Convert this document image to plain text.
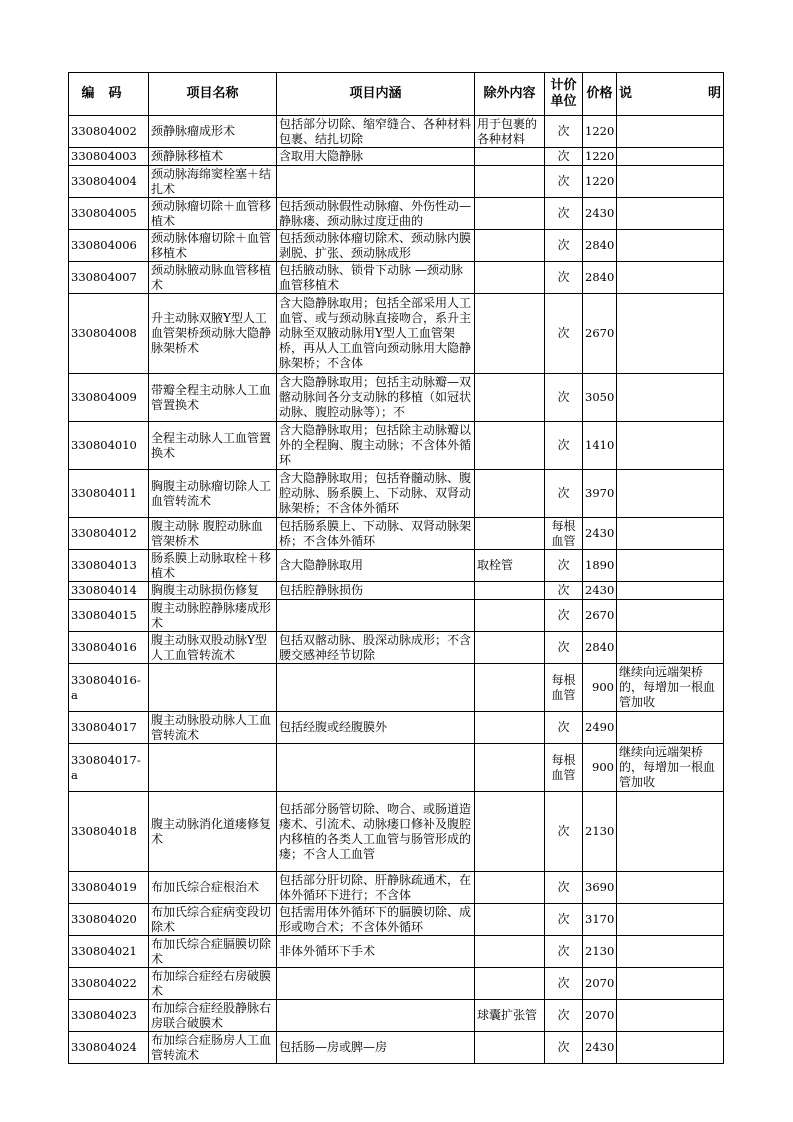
编码	项目名称	项目内涵	除外内容	计价单位	价格	说明

330804002	颈静脉瘤成形术	包括部分切除、缩窄缝合、各种材料包裹、结扎切除	用于包裹的各种材料	次	1220	

330804003	颈静脉移植术	含取用大隐静脉		次	1220	

330804004	颈动脉海绵窦栓塞＋结扎术			次	1220	

330804005	颈动脉瘤切除＋血管移植术	包括颈动脉假性动脉瘤、外伤性动—静脉瘘、颈动脉过度迂曲的		次	2430	

330804006	颈动脉体瘤切除＋血管移植术	包括颈动脉体瘤切除术、颈动脉内膜剥脱、扩张、颈动脉成形		次	2840	

330804007	颈动脉腋动脉血管移植术	包括腋动脉、锁骨下动脉 —颈动脉血管移植术		次	2840	

330804008	升主动脉双腋Y型人工血管架桥颈动脉大隐静脉架桥术	含大隐静脉取用；包括全部采用人工血管、或与颈动脉直接吻合，系升主动脉至双腋动脉用Y型人工血管架桥，再从人工血管向颈动脉用大隐静脉架桥；不含体		次	2670	

330804009	带瓣全程主动脉人工血管置换术	含大隐静脉取用；包括主动脉瓣—双髂动脉间各分支动脉的移植（如冠状动脉、腹腔动脉等）；不		次	3050	

330804010	全程主动脉人工血管置换术	含大隐静脉取用；包括除主动脉瓣以外的全程胸、腹主动脉；不含体外循环		次	1410	

330804011	胸腹主动脉瘤切除人工血管转流术	含大隐静脉取用；包括脊髓动脉、腹腔动脉、肠系膜上、下动脉、双肾动脉架桥；不含体外循环		次	3970	

330804012	腹主动脉 腹腔动脉血管架桥术	包括肠系膜上、下动脉、双肾动脉架桥；不含体外循环		每根血管	2430	

330804013	肠系膜上动脉取栓＋移植术	含大隐静脉取用	取栓管	次	1890	

330804014	胸腹主动脉损伤修复	包括腔静脉损伤		次	2430	

330804015	腹主动脉腔静脉瘘成形术			次	2670	

330804016	腹主动脉双股动脉Y型人工血管转流术	包括双髂动脉、股深动脉成形；不含腰交感神经节切除		次	2840	

330804016-a				每根血管	900	继续向远端架桥的，每增加一根血管加收

330804017	腹主动脉股动脉人工血管转流术	包括经腹或经腹膜外		次	2490	

330804017-a				每根血管	900	继续向远端架桥的，每增加一根血管加收

330804018	腹主动脉消化道瘘修复术	包括部分肠管切除、吻合、或肠道造瘘术、引流术、动脉瘘口修补及腹腔内移植的各类人工血管与肠管形成的瘘；不含人工血管		次	2130	

330804019	布加氏综合症根治术	包括部分肝切除、肝静脉疏通术，在体外循环下进行；不含体		次	3690	

330804020	布加氏综合症病变段切除术	包括需用体外循环下的膈膜切除、成形或吻合术；不含体外循环		次	3170	

330804021	布加氏综合症膈膜切除术	非体外循环下手术		次	2130	

330804022	布加综合症经右房破膜术			次	2070	

330804023	布加综合症经股静脉右房联合破膜术		球囊扩张管	次	2070	

330804024	布加综合症肠房人工血管转流术	包括肠—房或脾—房		次	2430	
